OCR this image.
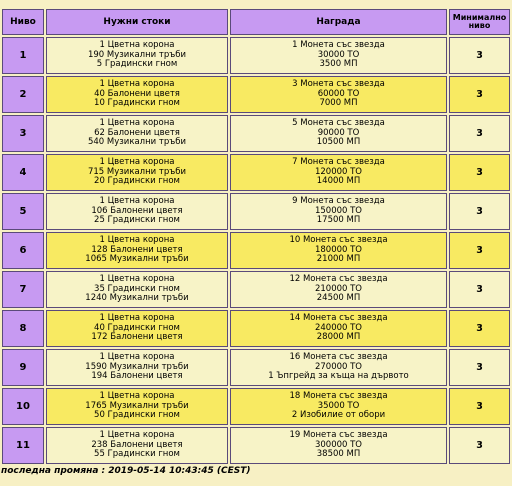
Ниво	Нужни стоки	Награда	Минимално ниво
1	1 Цветна корона
190 Музикални тръби
5 Градински гном	1 Монета със звезда
30000 ТО
3500 МП	3
2	1 Цветна корона
40 Балонени цветя
10 Градински гном	3 Монета със звезда
60000 ТО
7000 МП	3
3	1 Цветна корона
62 Балонени цветя
540 Музикални тръби	5 Монета със звезда
90000 ТО
10500 МП	3
4	1 Цветна корона
715 Музикални тръби
20 Градински гном	7 Монета със звезда
120000 ТО
14000 МП	3
5	1 Цветна корона
106 Балонени цветя
25 Градински гном	9 Монета със звезда
150000 ТО
17500 МП	3
6	1 Цветна корона
128 Балонени цветя
1065 Музикални тръби	10 Монета със звезда
180000 ТО
21000 МП	3
7	1 Цветна корона
35 Градински гном
1240 Музикални тръби	12 Монета със звезда
210000 ТО
24500 МП	3
8	1 Цветна корона
40 Градински гном
172 Балонени цветя	14 Монета със звезда
240000 ТО
28000 МП	3
9	1 Цветна корона
1590 Музикални тръби
194 Балонени цветя	16 Монета със звезда
270000 ТО
1 Ъпгрейд за къща на дървото	3
10	1 Цветна корона
1765 Музикални тръби
50 Градински гном	18 Монета със звезда
35000 ТО
2 Изобилие от обори	3
11	1 Цветна корона
238 Балонени цветя
55 Градински гном	19 Монета със звезда
300000 ТО
38500 МП	3
последна промяна : 2019-05-14 10:43:45 (CEST)
